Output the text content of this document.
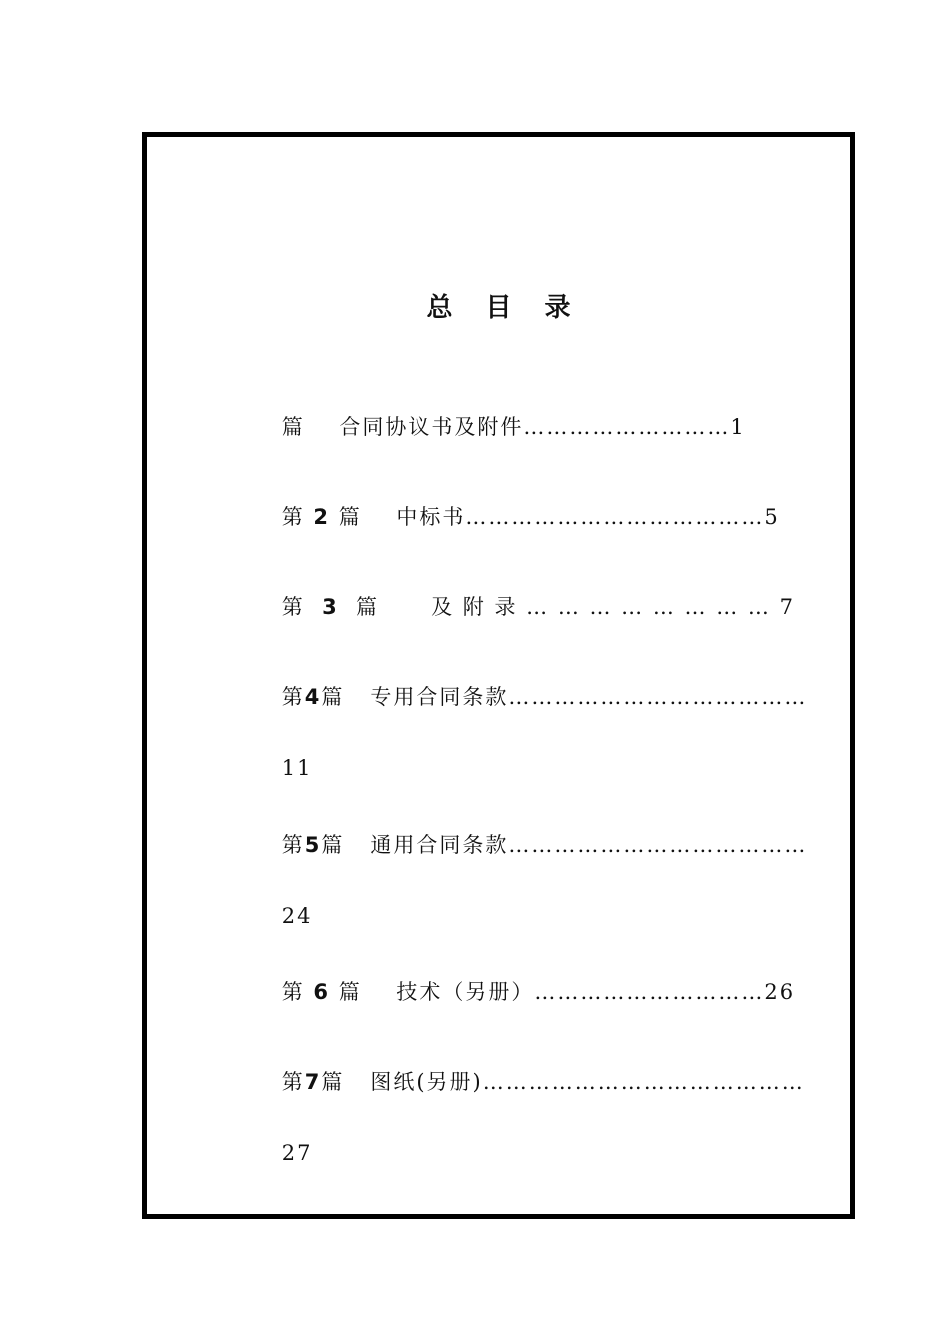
总 目 录

篇 合同协议书及附件………………………1

第 2 篇 中标书…………………………………5

第 3 篇 及 附 录 … … … … … … … … 7

第4篇 专用合同条款…………………………………

11

第5篇 通用合同条款…………………………………

24

第 6 篇 技术（另册）…………………………26

第7篇 图纸(另册)……………………………………

27
